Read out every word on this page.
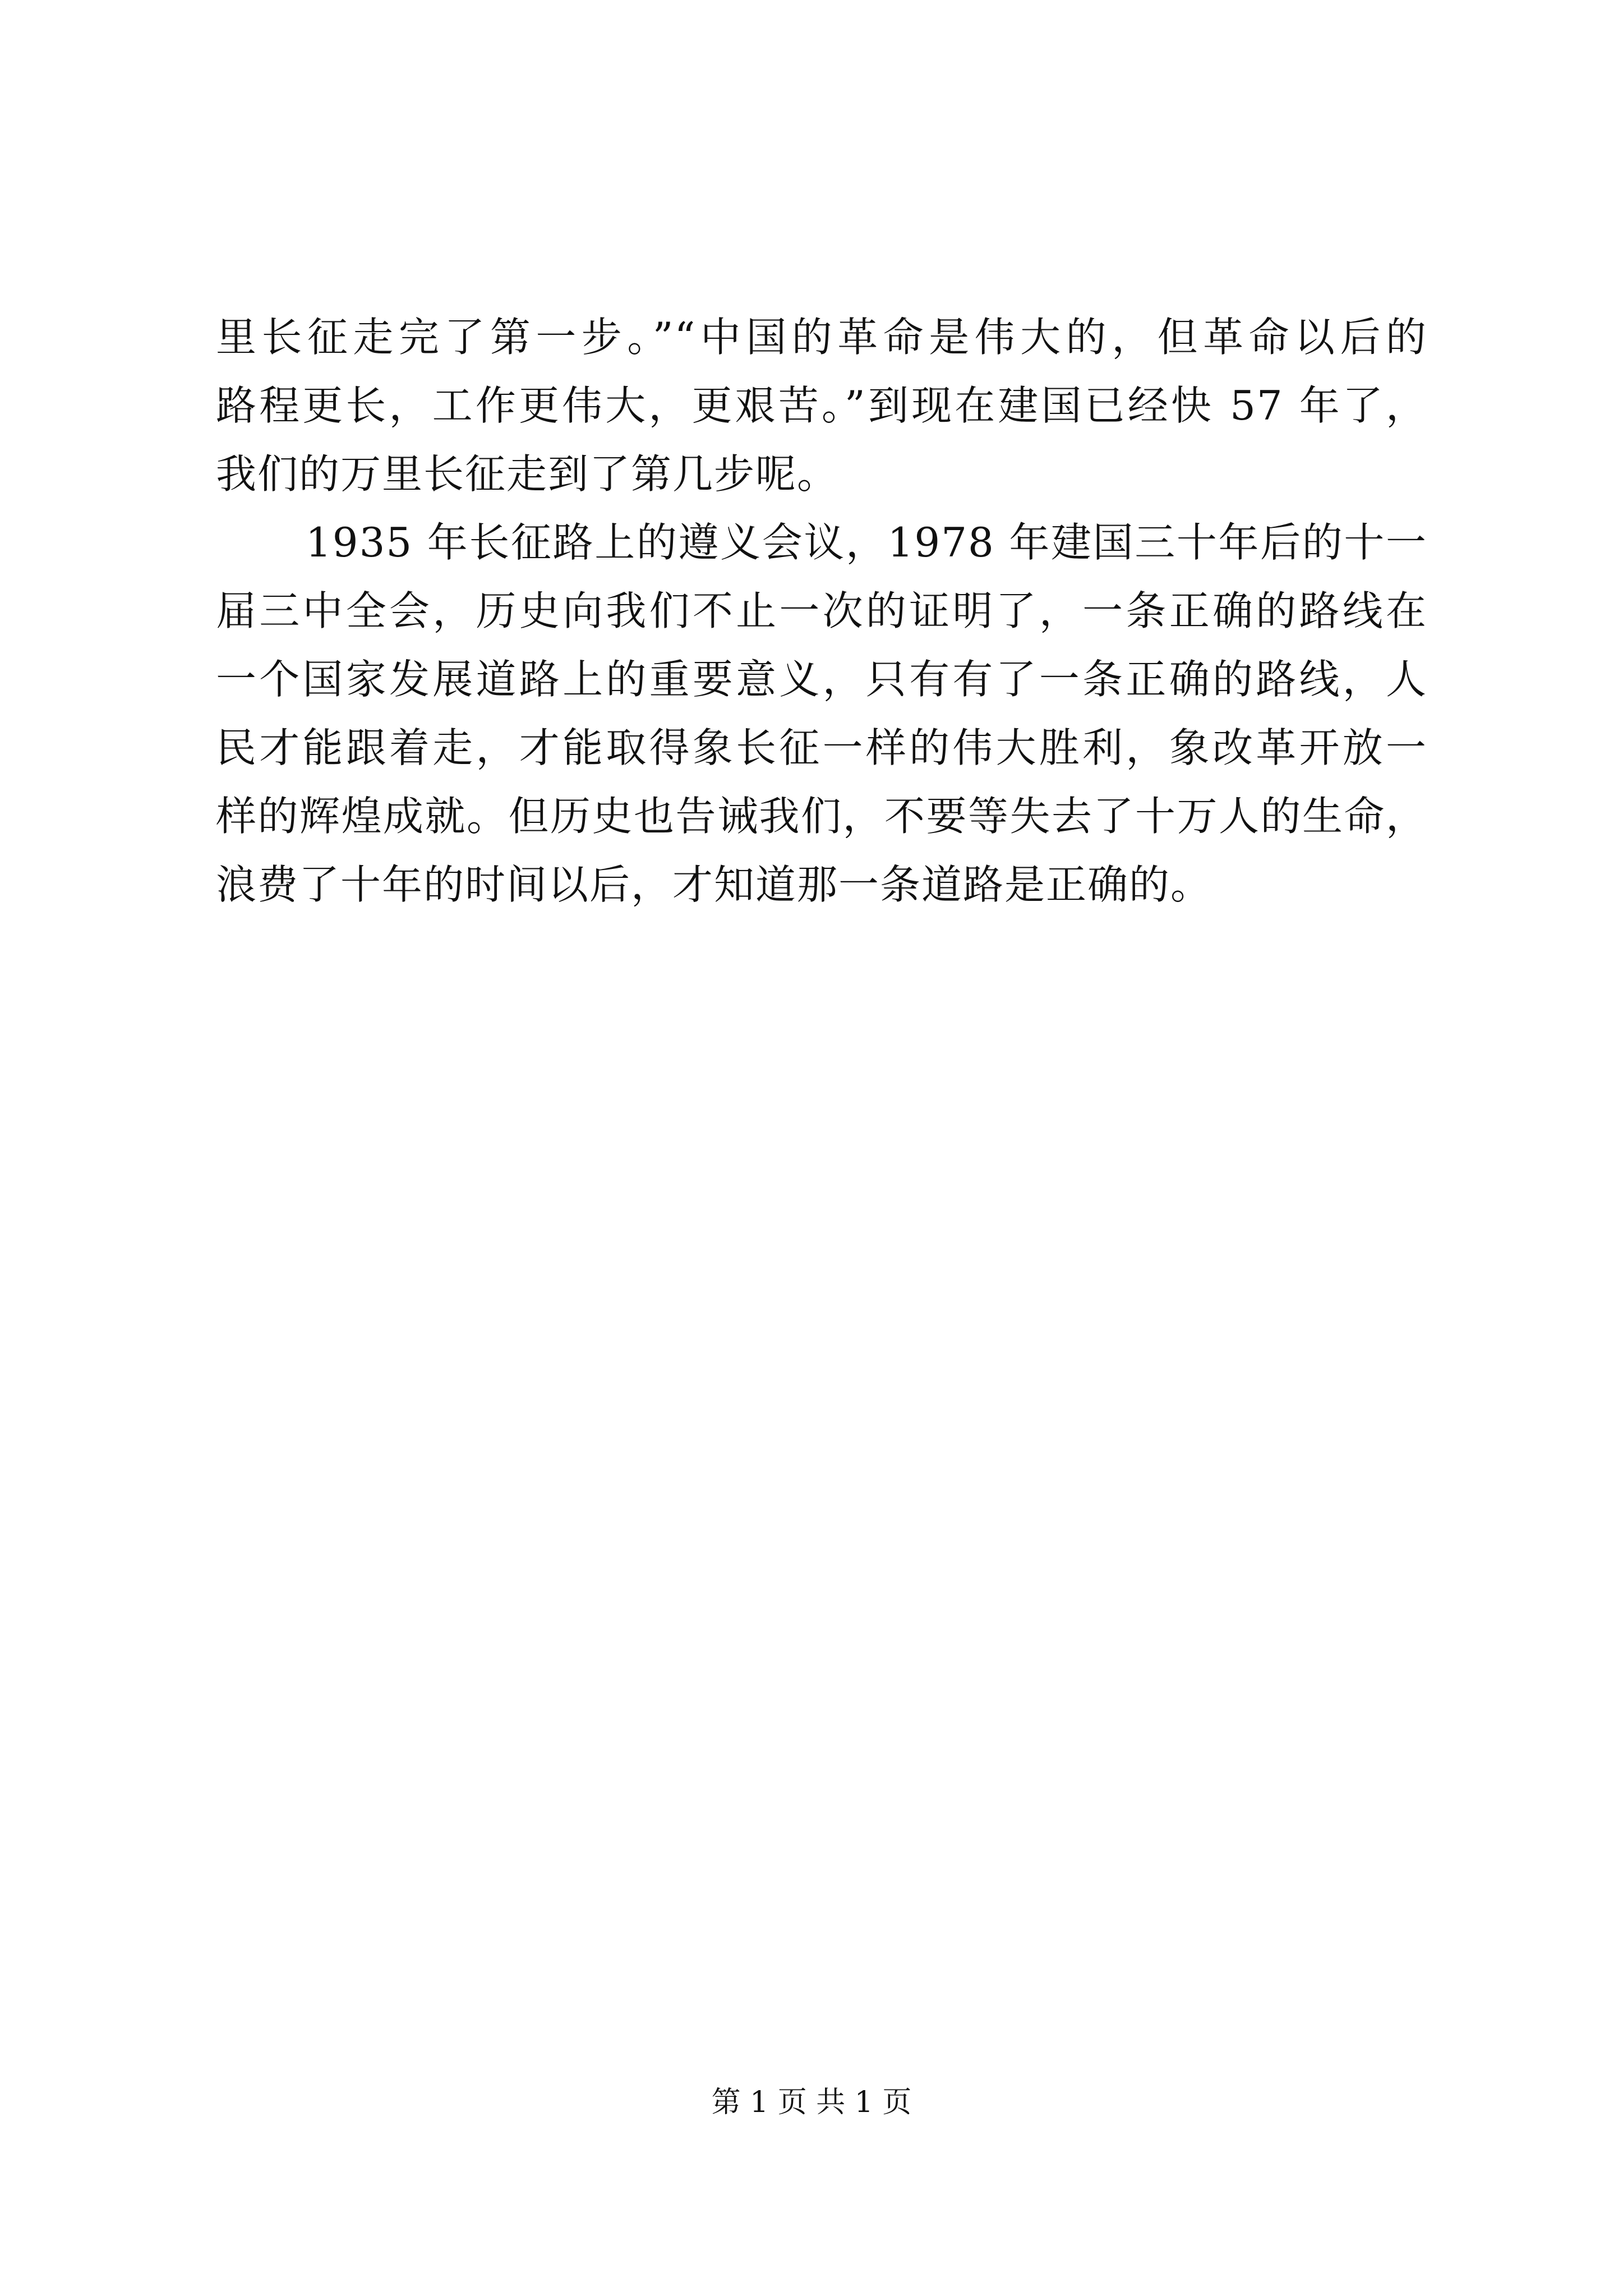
里长征走完了第一步。”“中国的革命是伟大的，但革命以后的
路程更长，工作更伟大，更艰苦。”到现在建国已经快 57 年了，
我们的万里长征走到了第几步呢。
1935 年长征路上的遵义会议，1978 年建国三十年后的十一
届三中全会，历史向我们不止一次的证明了，一条正确的路线在
一个国家发展道路上的重要意义，只有有了一条正确的路线，人
民才能跟着走，才能取得象长征一样的伟大胜利，象改革开放一
样的辉煌成就。但历史也告诫我们，不要等失去了十万人的生命，
浪费了十年的时间以后，才知道那一条道路是正确的。
第 1 页 共 1 页
